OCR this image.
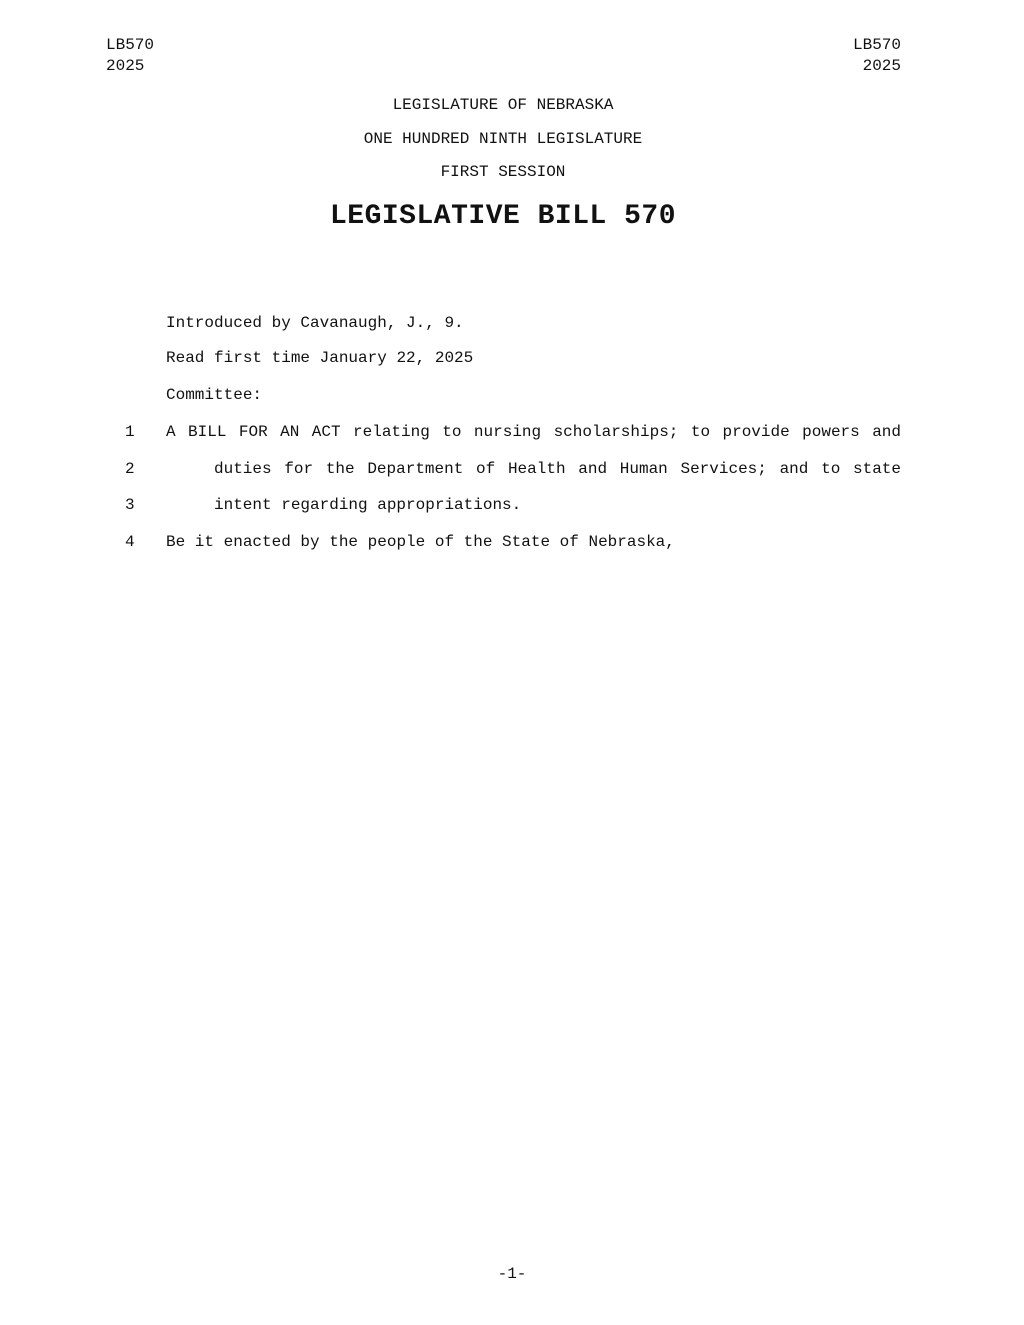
LB570
2025
LB570
2025
LEGISLATURE OF NEBRASKA
ONE HUNDRED NINTH LEGISLATURE
FIRST SESSION
LEGISLATIVE BILL 570
Introduced by Cavanaugh, J., 9.
Read first time January 22, 2025
Committee:
1 A BILL FOR AN ACT relating to nursing scholarships; to provide powers and
2	duties for the Department of Health and Human Services; and to state
3	intent regarding appropriations.
4 Be it enacted by the people of the State of Nebraska,
-1-
